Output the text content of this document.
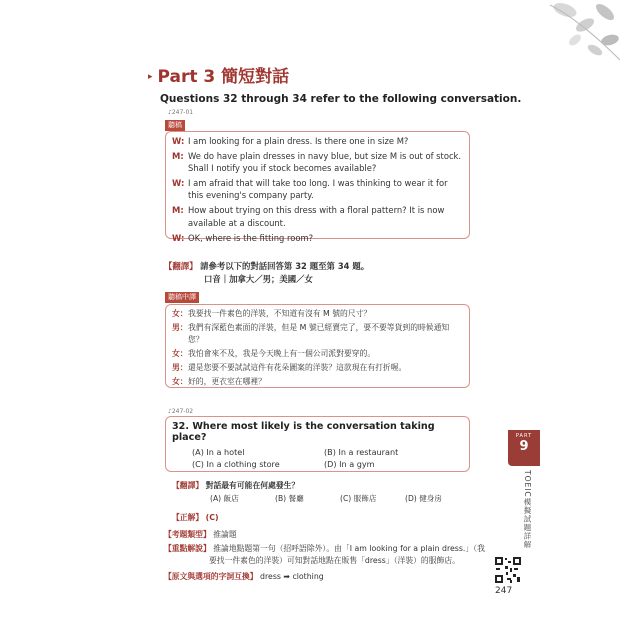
▸ Part 3 簡短對話
Questions 32 through 34 refer to the following conversation.
♪247-01
聽稿
W: I am looking for a plain dress. Is there one in size M?
M: We do have plain dresses in navy blue, but size M is out of stock. Shall I notify you if stock becomes available?
W: I am afraid that will take too long. I was thinking to wear it for this evening's company party.
M: How about trying on this dress with a floral pattern? It is now available at a discount.
W: OK, where is the fitting room?
【翻譯】 請參考以下的對話回答第 32 題至第 34 題。
口音｜加拿大／男；美國／女
聽稿中譯
女： 我要找一件素色的洋裝，不知道有沒有 M 號的尺寸？
男： 我們有深藍色素面的洋裝，但是 M 號已經賣完了，要不要等貨到的時候通知您？
女： 我怕會來不及，我是今天晚上有一個公司派對要穿的。
男： 還是您要不要試試這件有花朵圖案的洋裝？這款現在有打折喔。
女： 好的，更衣室在哪裡？
♪247-02
32. Where most likely is the conversation taking place?
(A) In a hotel	(B) In a restaurant
(C) In a clothing store	(D) In a gym
【翻譯】 對話最有可能在何處發生？
(A) 飯店	(B) 餐廳	(C) 服飾店	(D) 健身房
【正解】 (C)
【考題類型】 推論題
【重點解說】 推論地點題第一句（招呼語除外）。由「I am looking for a plain dress.」（我
要找一件素色的洋裝）可知對話地點在販售「dress」（洋裝）的服飾店。
【原文與選項的字詞互換】 dress ➡ clothing
PART
9
TOEIC模擬試題詳解
247
